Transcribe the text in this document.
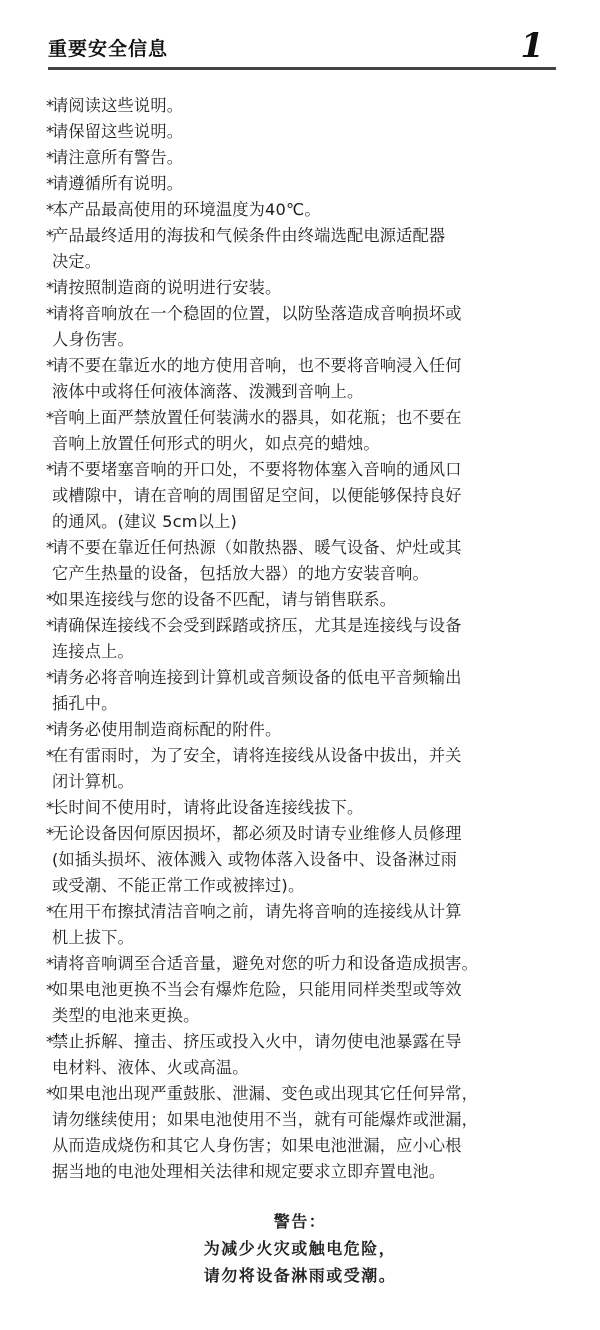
重要安全信息	1
*请阅读这些说明。
*请保留这些说明。
*请注意所有警告。
*请遵循所有说明。
*本产品最高使用的环境温度为40℃。
*产品最终适用的海拔和气候条件由终端选配电源适配器
决定。
*请按照制造商的说明进行安装。
*请将音响放在一个稳固的位置，以防坠落造成音响损坏或
人身伤害。
*请不要在靠近水的地方使用音响，也不要将音响浸入任何
液体中或将任何液体滴落、泼溅到音响上。
*音响上面严禁放置任何装满水的器具，如花瓶；也不要在
音响上放置任何形式的明火，如点亮的蜡烛。
*请不要堵塞音响的开口处，不要将物体塞入音响的通风口
或槽隙中，请在音响的周围留足空间，以便能够保持良好
的通风。(建议 5cm以上)
*请不要在靠近任何热源（如散热器、暖气设备、炉灶或其
它产生热量的设备，包括放大器）的地方安装音响。
*如果连接线与您的设备不匹配，请与销售联系。
*请确保连接线不会受到踩踏或挤压，尤其是连接线与设备
连接点上。
*请务必将音响连接到计算机或音频设备的低电平音频输出
插孔中。
*请务必使用制造商标配的附件。
*在有雷雨时，为了安全，请将连接线从设备中拔出，并关
闭计算机。
*长时间不使用时，请将此设备连接线拔下。
*无论设备因何原因损坏，都必须及时请专业维修人员修理
(如插头损坏、液体溅入 或物体落入设备中、设备淋过雨
或受潮、不能正常工作或被摔过)。
*在用干布擦拭清洁音响之前，请先将音响的连接线从计算
机上拔下。
*请将音响调至合适音量，避免对您的听力和设备造成损害。
*如果电池更换不当会有爆炸危险，只能用同样类型或等效
类型的电池来更换。
*禁止拆解、撞击、挤压或投入火中，请勿使电池暴露在导
电材料、液体、火或高温。
*如果电池出现严重鼓胀、泄漏、变色或出现其它任何异常，
请勿继续使用；如果电池使用不当，就有可能爆炸或泄漏，
从而造成烧伤和其它人身伤害；如果电池泄漏，应小心根
据当地的电池处理相关法律和规定要求立即弃置电池。
警告：
为减少火灾或触电危险，
请勿将设备淋雨或受潮。
